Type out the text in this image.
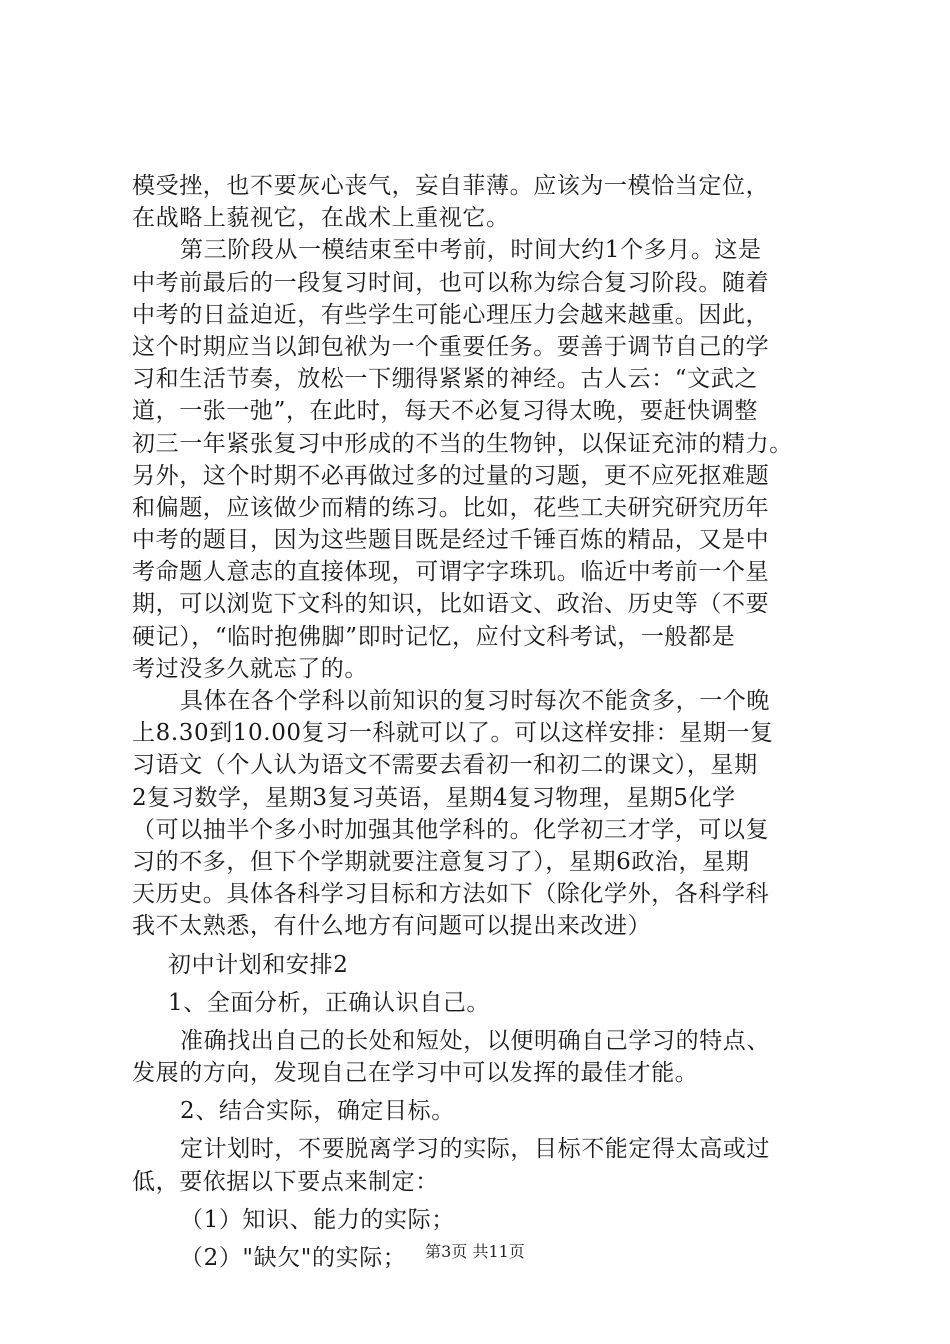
模受挫，也不要灰心丧气，妄自菲薄。应该为一模恰当定位，
在战略上藐视它，在战术上重视它。
第三阶段从一模结束至中考前，时间大约1个多月。这是
中考前最后的一段复习时间，也可以称为综合复习阶段。随着
中考的日益迫近，有些学生可能心理压力会越来越重。因此，
这个时期应当以卸包袱为一个重要任务。要善于调节自己的学
习和生活节奏，放松一下绷得紧紧的神经。古人云：“文武之
道，一张一弛”，在此时，每天不必复习得太晚，要赶快调整
初三一年紧张复习中形成的不当的生物钟，以保证充沛的精力。
另外，这个时期不必再做过多的过量的习题，更不应死抠难题
和偏题，应该做少而精的练习。比如，花些工夫研究研究历年
中考的题目，因为这些题目既是经过千锤百炼的精品，又是中
考命题人意志的直接体现，可谓字字珠玑。临近中考前一个星
期，可以浏览下文科的知识，比如语文、政治、历史等（不要
硬记），“临时抱佛脚”即时记忆，应付文科考试，一般都是
考过没多久就忘了的。
具体在各个学科以前知识的复习时每次不能贪多，一个晚
上8.30到10.00复习一科就可以了。可以这样安排：星期一复
习语文（个人认为语文不需要去看初一和初二的课文），星期
2复习数学，星期3复习英语，星期4复习物理，星期5化学
（可以抽半个多小时加强其他学科的。化学初三才学，可以复
习的不多，但下个学期就要注意复习了），星期6政治，星期
天历史。具体各科学习目标和方法如下（除化学外，各科学科
我不太熟悉，有什么地方有问题可以提出来改进）
初中计划和安排2
1、全面分析，正确认识自己。
准确找出自己的长处和短处，以便明确自己学习的特点、
发展的方向，发现自己在学习中可以发挥的最佳才能。
2、结合实际，确定目标。
定计划时，不要脱离学习的实际，目标不能定得太高或过
低，要依据以下要点来制定：
（1）知识、能力的实际；
（2）"缺欠"的实际；	第3页 共11页
